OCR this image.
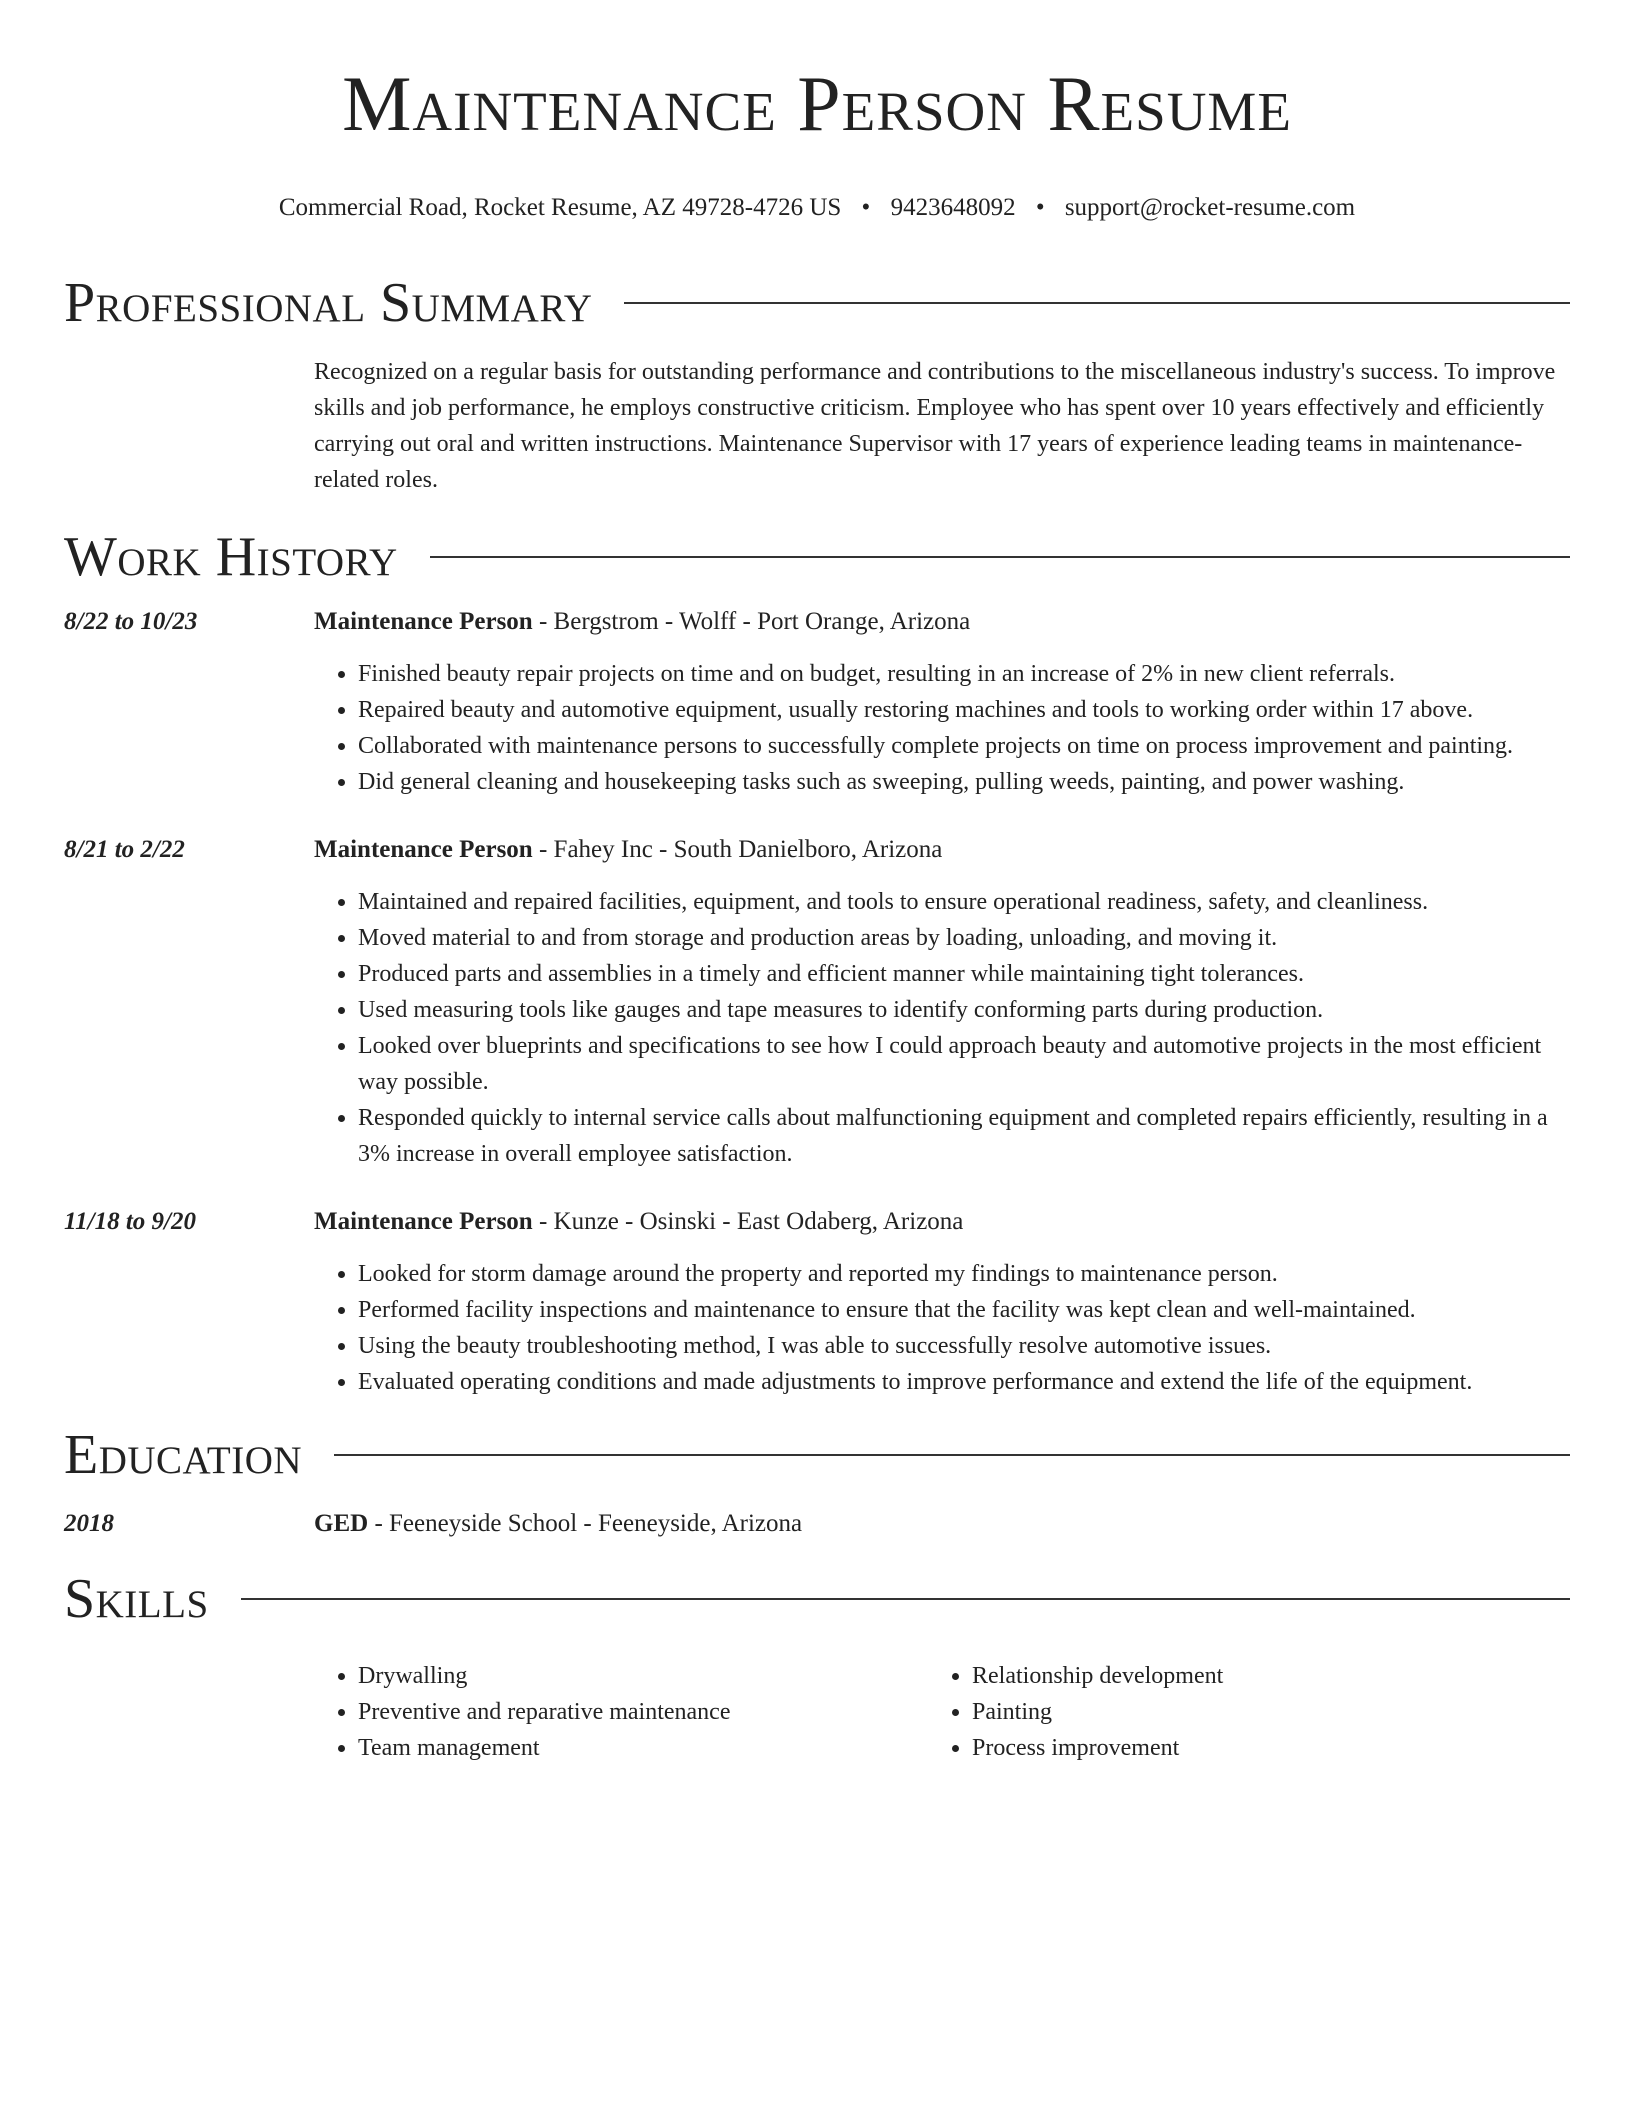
Maintenance Person Resume
Commercial Road, Rocket Resume, AZ 49728-4726 US • 9423648092 • support@rocket-resume.com
Professional Summary
Recognized on a regular basis for outstanding performance and contributions to the miscellaneous industry's success. To improve skills and job performance, he employs constructive criticism. Employee who has spent over 10 years effectively and efficiently carrying out oral and written instructions. Maintenance Supervisor with 17 years of experience leading teams in maintenance-related roles.
Work History
8/22 to 10/23	Maintenance Person - Bergstrom - Wolff - Port Orange, Arizona
• Finished beauty repair projects on time and on budget, resulting in an increase of 2% in new client referrals.
• Repaired beauty and automotive equipment, usually restoring machines and tools to working order within 17 above.
• Collaborated with maintenance persons to successfully complete projects on time on process improvement and painting.
• Did general cleaning and housekeeping tasks such as sweeping, pulling weeds, painting, and power washing.
8/21 to 2/22	Maintenance Person - Fahey Inc - South Danielboro, Arizona
• Maintained and repaired facilities, equipment, and tools to ensure operational readiness, safety, and cleanliness.
• Moved material to and from storage and production areas by loading, unloading, and moving it.
• Produced parts and assemblies in a timely and efficient manner while maintaining tight tolerances.
• Used measuring tools like gauges and tape measures to identify conforming parts during production.
• Looked over blueprints and specifications to see how I could approach beauty and automotive projects in the most efficient way possible.
• Responded quickly to internal service calls about malfunctioning equipment and completed repairs efficiently, resulting in a 3% increase in overall employee satisfaction.
11/18 to 9/20	Maintenance Person - Kunze - Osinski - East Odaberg, Arizona
• Looked for storm damage around the property and reported my findings to maintenance person.
• Performed facility inspections and maintenance to ensure that the facility was kept clean and well-maintained.
• Using the beauty troubleshooting method, I was able to successfully resolve automotive issues.
• Evaluated operating conditions and made adjustments to improve performance and extend the life of the equipment.
Education
2018	GED - Feeneyside School - Feeneyside, Arizona
Skills
• Drywalling
• Preventive and reparative maintenance
• Team management
• Relationship development
• Painting
• Process improvement
